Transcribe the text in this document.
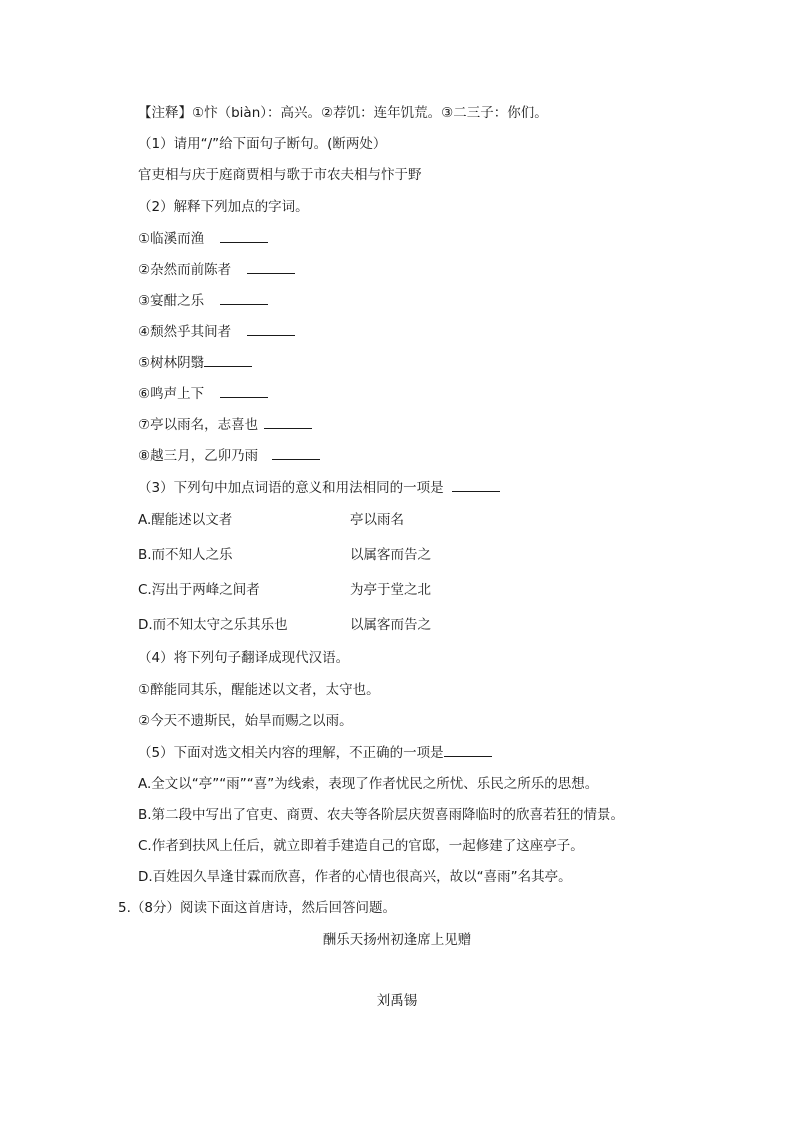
【注释】①忭（biàn）：高兴。②荐饥：连年饥荒。③二三子：你们。
（1）请用“/”给下面句子断句。(断两处）
官吏相与庆于庭商贾相与歌于市农夫相与忭于野
（2）解释下列加点的字词。
①临溪而渔
②杂然而前陈者
③宴酣之乐
④颓然乎其间者
⑤树林阴翳
⑥鸣声上下
⑦亭以雨名，志喜也
⑧越三月，乙卯乃雨
（3）下列句中加点词语的意义和用法相同的一项是
A.醒能述以文者	亭以雨名
B.而不知人之乐	以属客而告之
C.泻出于两峰之间者	为亭于堂之北
D.而不知太守之乐其乐也	以属客而告之
（4）将下列句子翻译成现代汉语。
①醉能同其乐，醒能述以文者，太守也。
②今天不遗斯民，始旱而赐之以雨。
（5）下面对选文相关内容的理解，不正确的一项是
A.全文以“亭”“雨”“喜”为线索，表现了作者忧民之所忧、乐民之所乐的思想。
B.第二段中写出了官吏、商贾、农夫等各阶层庆贺喜雨降临时的欣喜若狂的情景。
C.作者到扶风上任后，就立即着手建造自己的官邸，一起修建了这座亭子。
D.百姓因久旱逢甘霖而欣喜，作者的心情也很高兴，故以“喜雨”名其亭。
5.（8分）阅读下面这首唐诗，然后回答问题。
酬乐天扬州初逢席上见赠
刘禹锡
